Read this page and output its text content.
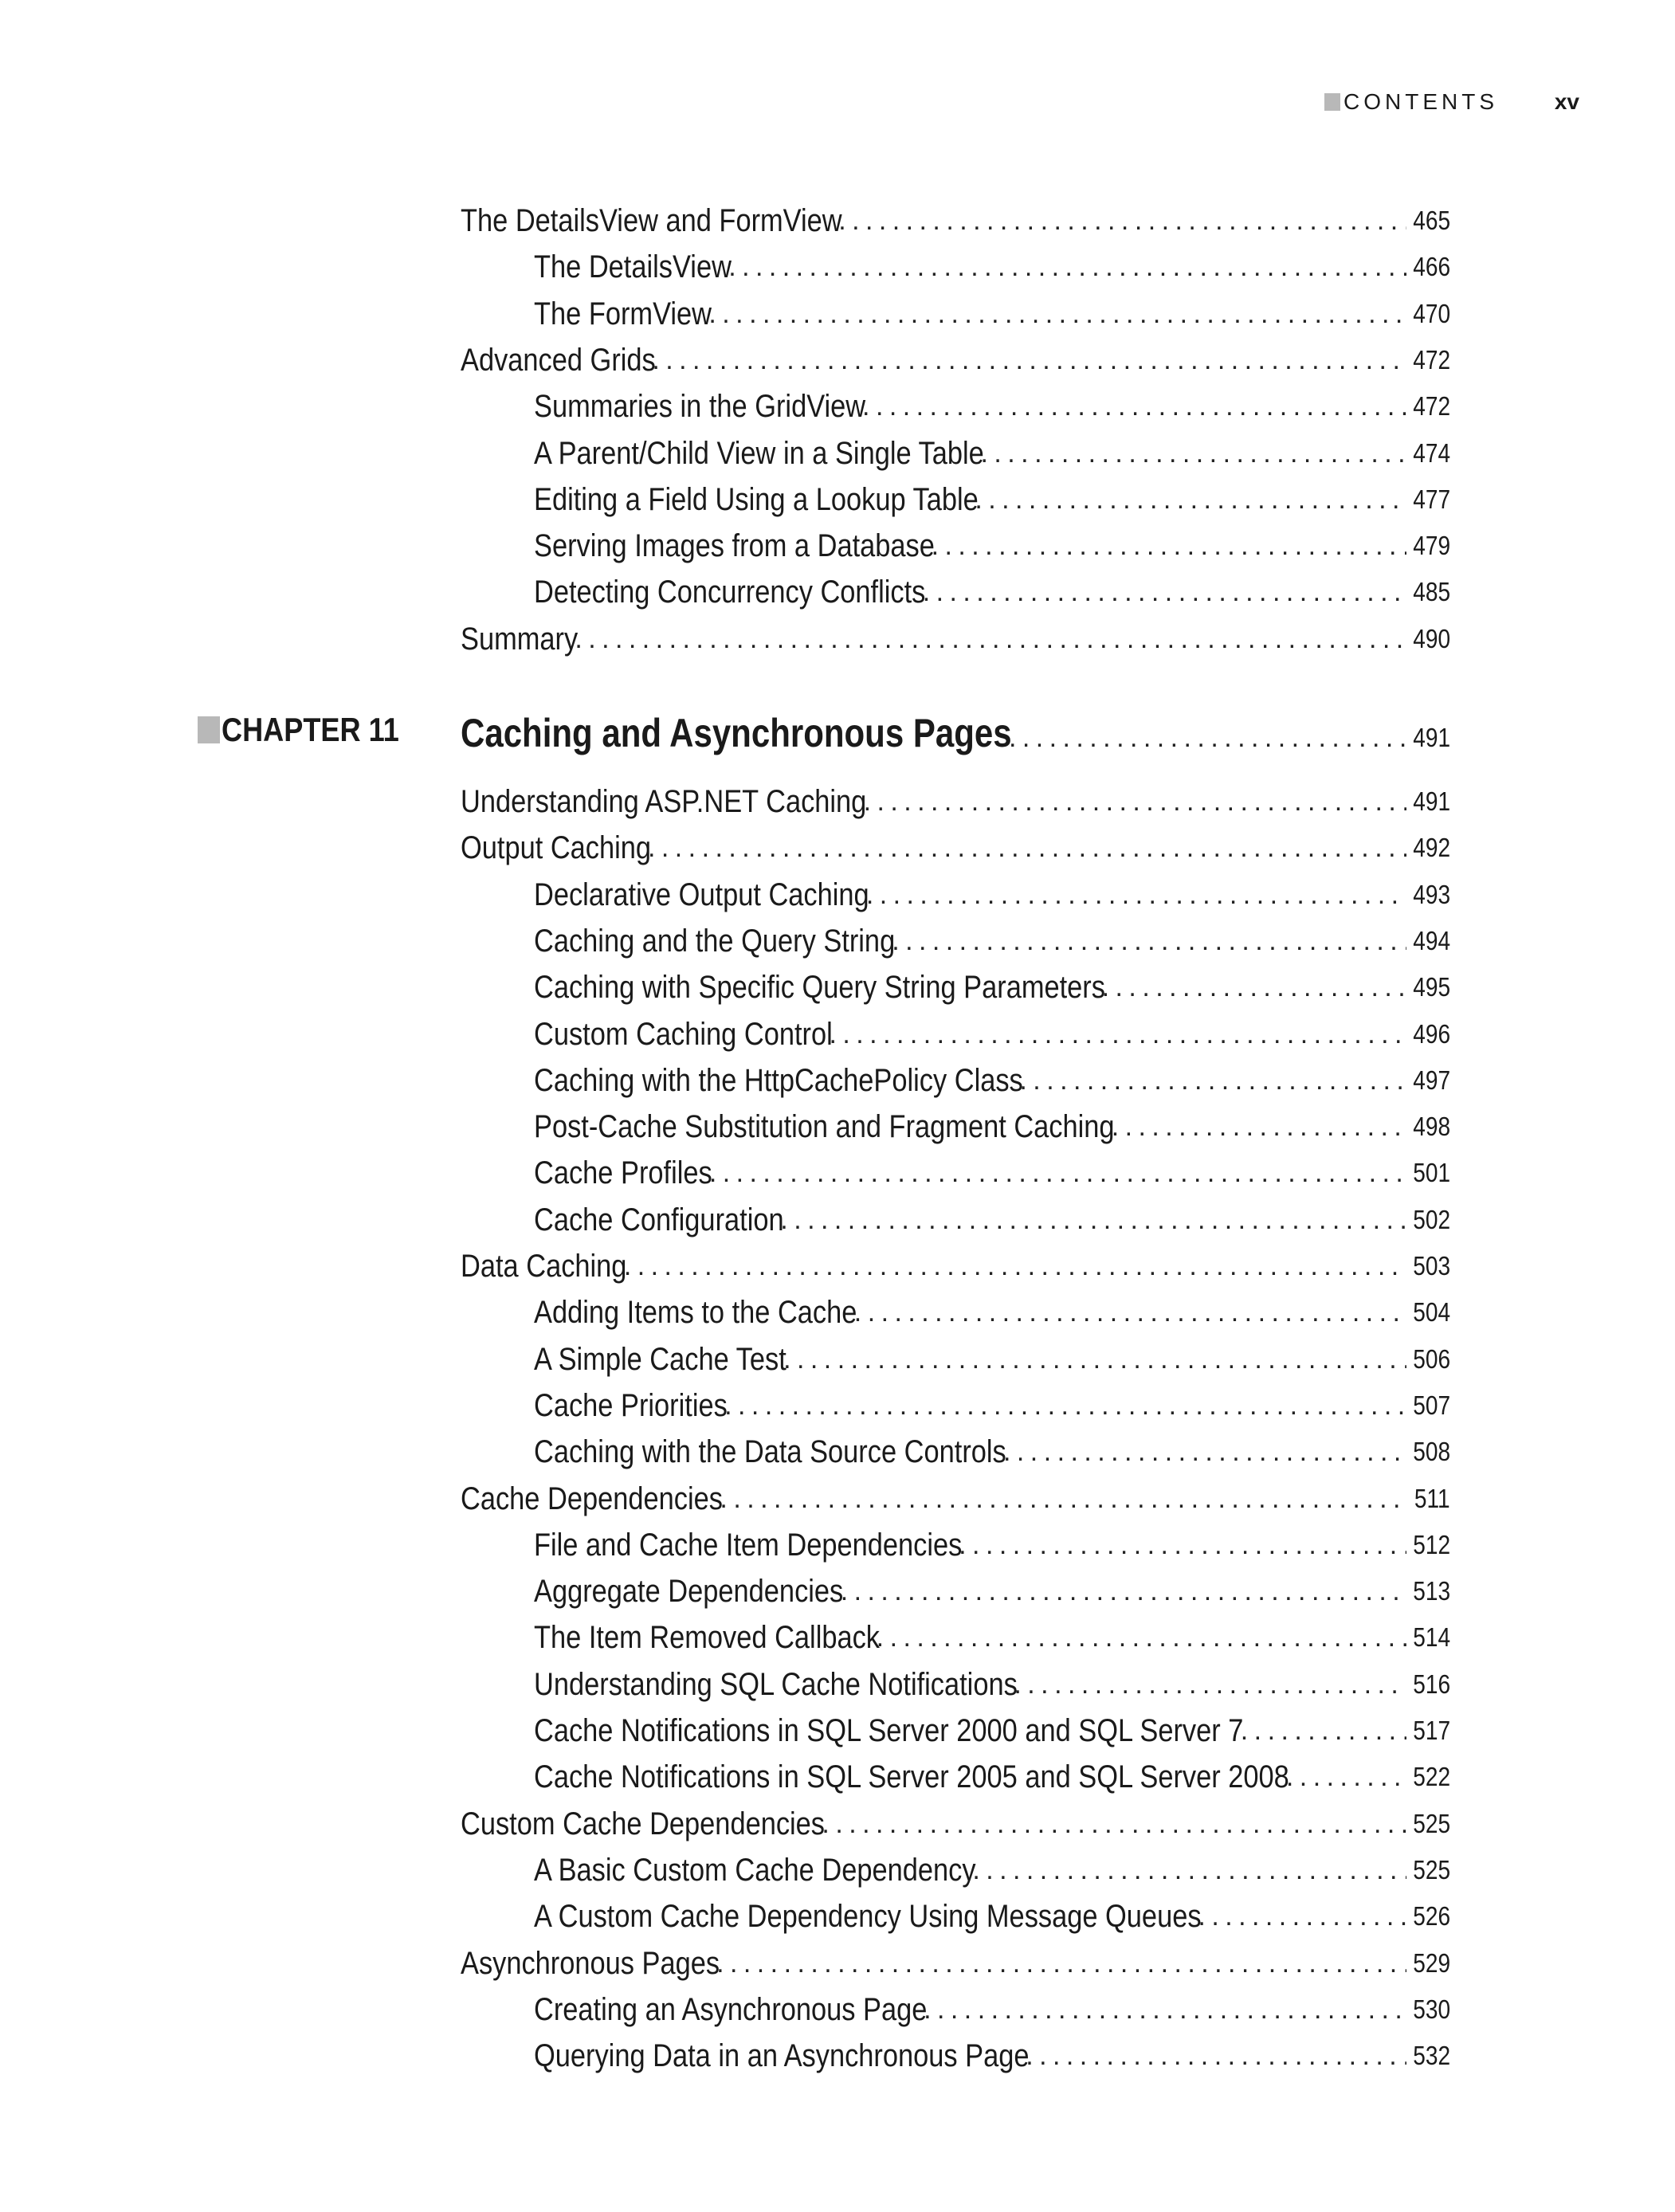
CONTENTS	xv
CHAPTER 11
The DetailsView and FormView . . .	465
The DetailsView . . .	466
The FormView . . .	470
Advanced Grids . . .	472
Summaries in the GridView . . .	472
A Parent/Child View in a Single Table . . .	474
Editing a Field Using a Lookup Table . . .	477
Serving Images from a Database . . .	479
Detecting Concurrency Conflicts . . .	485
Summary . . .	490
Caching and Asynchronous Pages . . .	491
Understanding ASP.NET Caching . . .	491
Output Caching . . .	492
Declarative Output Caching . . .	493
Caching and the Query String . . .	494
Caching with Specific Query String Parameters . . .	495
Custom Caching Control . . .	496
Caching with the HttpCachePolicy Class . . .	497
Post-Cache Substitution and Fragment Caching . . .	498
Cache Profiles . . .	501
Cache Configuration . . .	502
Data Caching . . .	503
Adding Items to the Cache . . .	504
A Simple Cache Test . . .	506
Cache Priorities . . .	507
Caching with the Data Source Controls . . .	508
Cache Dependencies . . .	511
File and Cache Item Dependencies . . .	512
Aggregate Dependencies . . .	513
The Item Removed Callback . . .	514
Understanding SQL Cache Notifications . . .	516
Cache Notifications in SQL Server 2000 and SQL Server 7 . . .	517
Cache Notifications in SQL Server 2005 and SQL Server 2008 . . .	522
Custom Cache Dependencies . . .	525
A Basic Custom Cache Dependency . . .	525
A Custom Cache Dependency Using Message Queues . . .	526
Asynchronous Pages . . .	529
Creating an Asynchronous Page . . .	530
Querying Data in an Asynchronous Page . . .	532
